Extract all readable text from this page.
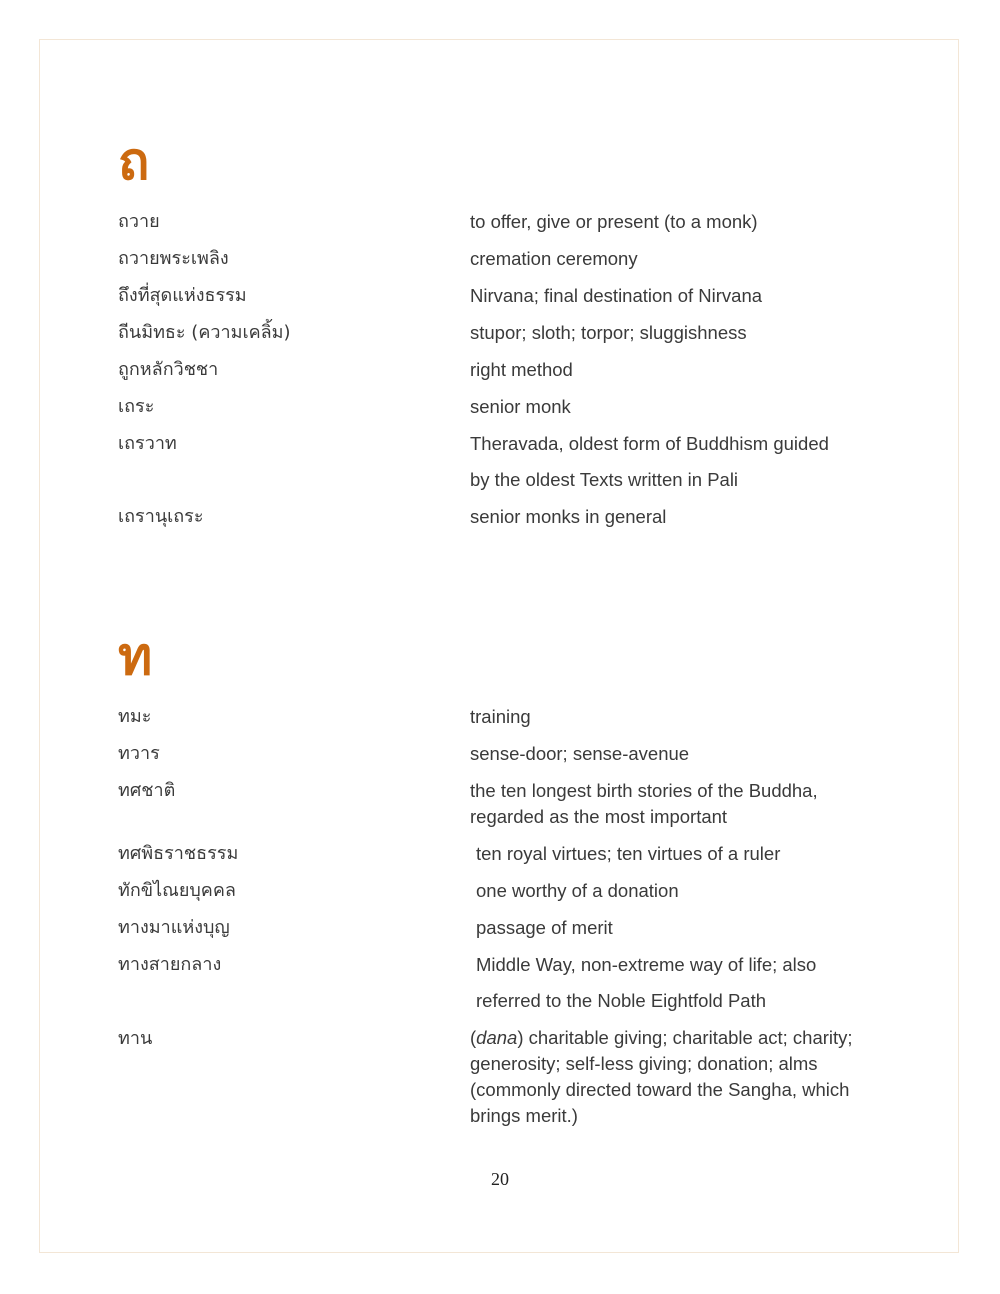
ถ
ถวาย	to offer, give or present (to a monk)
ถวายพระเพลิง	cremation ceremony
ถึงที่สุดแห่งธรรม	Nirvana; final destination of Nirvana
ถีนมิทธะ (ความเคลิ้ม)	stupor; sloth; torpor; sluggishness
ถูกหลักวิชชา	right method
เถระ	senior monk
เถรวาท	Theravada, oldest form of Buddhism guided
by the oldest Texts written in Pali
เถรานุเถระ	senior monks in general
ท
ทมะ	training
ทวาร	sense-door; sense-avenue
ทศชาติ	the ten longest birth stories of the Buddha,
regarded as the most important
ทศพิธราชธรรม	ten royal virtues; ten virtues of a ruler
ทักขิไณยบุคคล	one worthy of a donation
ทางมาแห่งบุญ	passage of merit
ทางสายกลาง	Middle Way, non-extreme way of life; also
referred to the Noble Eightfold Path
ทาน	(dana) charitable giving; charitable act; charity;
generosity; self-less giving; donation; alms
(commonly directed toward the Sangha, which
brings merit.)
20
